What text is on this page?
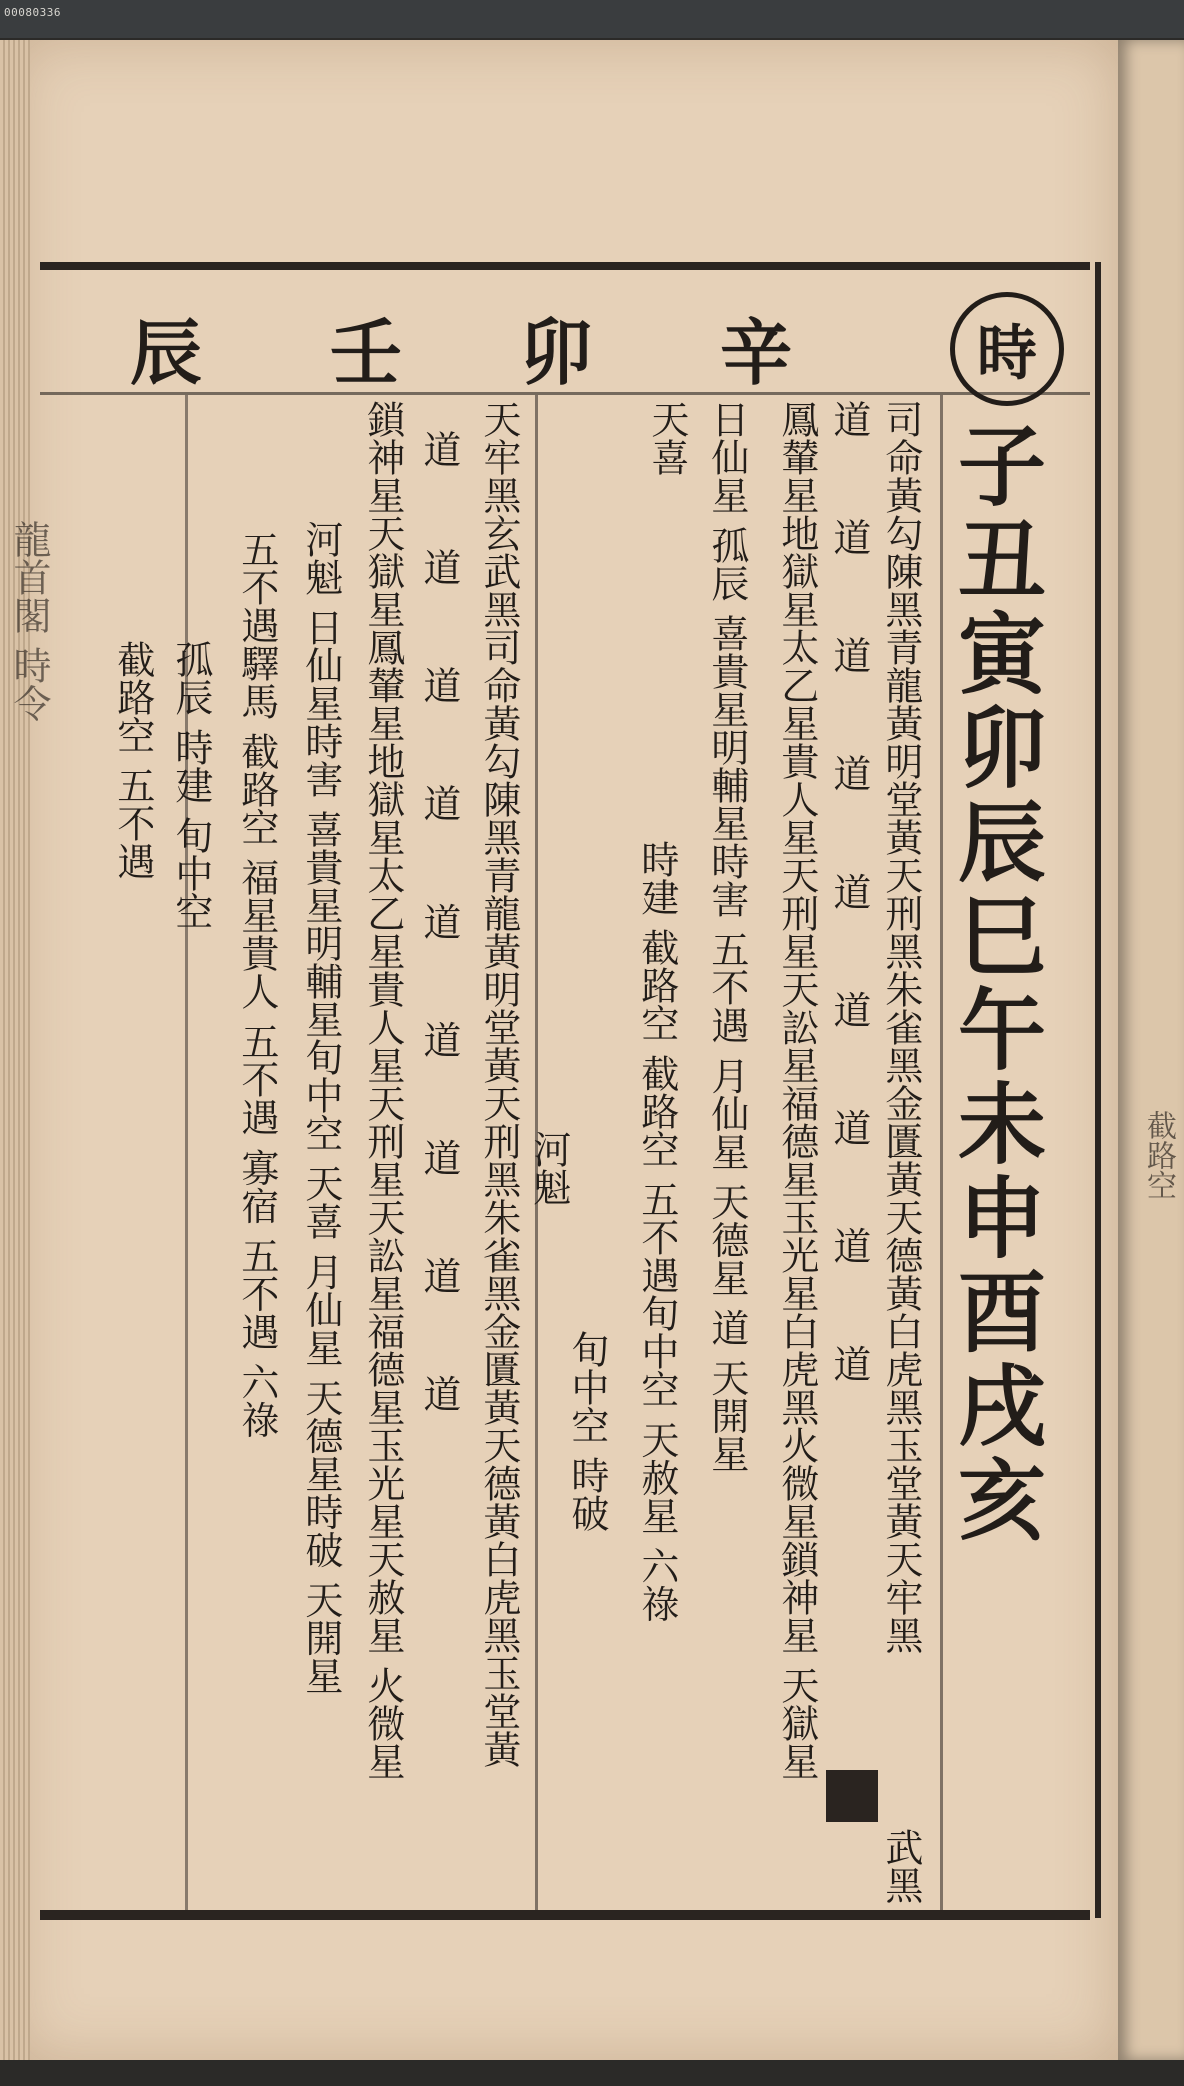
00080336
辛
卯
壬
辰	時
子丑寅卯辰巳午未申酉戌亥
司命黃勾陳黑青龍黃明堂黃天刑黑朱雀黑金匱黃天德黃白虎黑玉堂黃天牢黑
武黑
道 道 道 道 道 道 道 道 道
鳳輦星地獄星太乙星貴人星天刑星天訟星福德星玉光星白虎黑火微星鎖神星 天獄星
日仙星 孤辰 喜貴星明輔星時害 五不遇 月仙星 天德星 道 天開星
天喜
時建 截路空 截路空 五不遇旬中空 天赦星 六祿
旬中空 時破
天牢黑玄武黑司命黃勾陳黑青龍黃明堂黃天刑黑朱雀黑金匱黃天德黃白虎黑玉堂黃 河魁
道 道 道 道 道 道 道 道 道
鎖神星天獄星鳳輦星地獄星太乙星貴人星天刑星天訟星福德星玉光星天赦星 火微星
河魁 日仙星時害 喜貴星明輔星旬中空 天喜 月仙星 天德星時破 天開星
五不遇驛馬 截路空 福星貴人 五不遇 寡宿 五不遇 六祿
孤辰 時建 旬中空
截路空 五不遇
龍首閣 時令
截路空
